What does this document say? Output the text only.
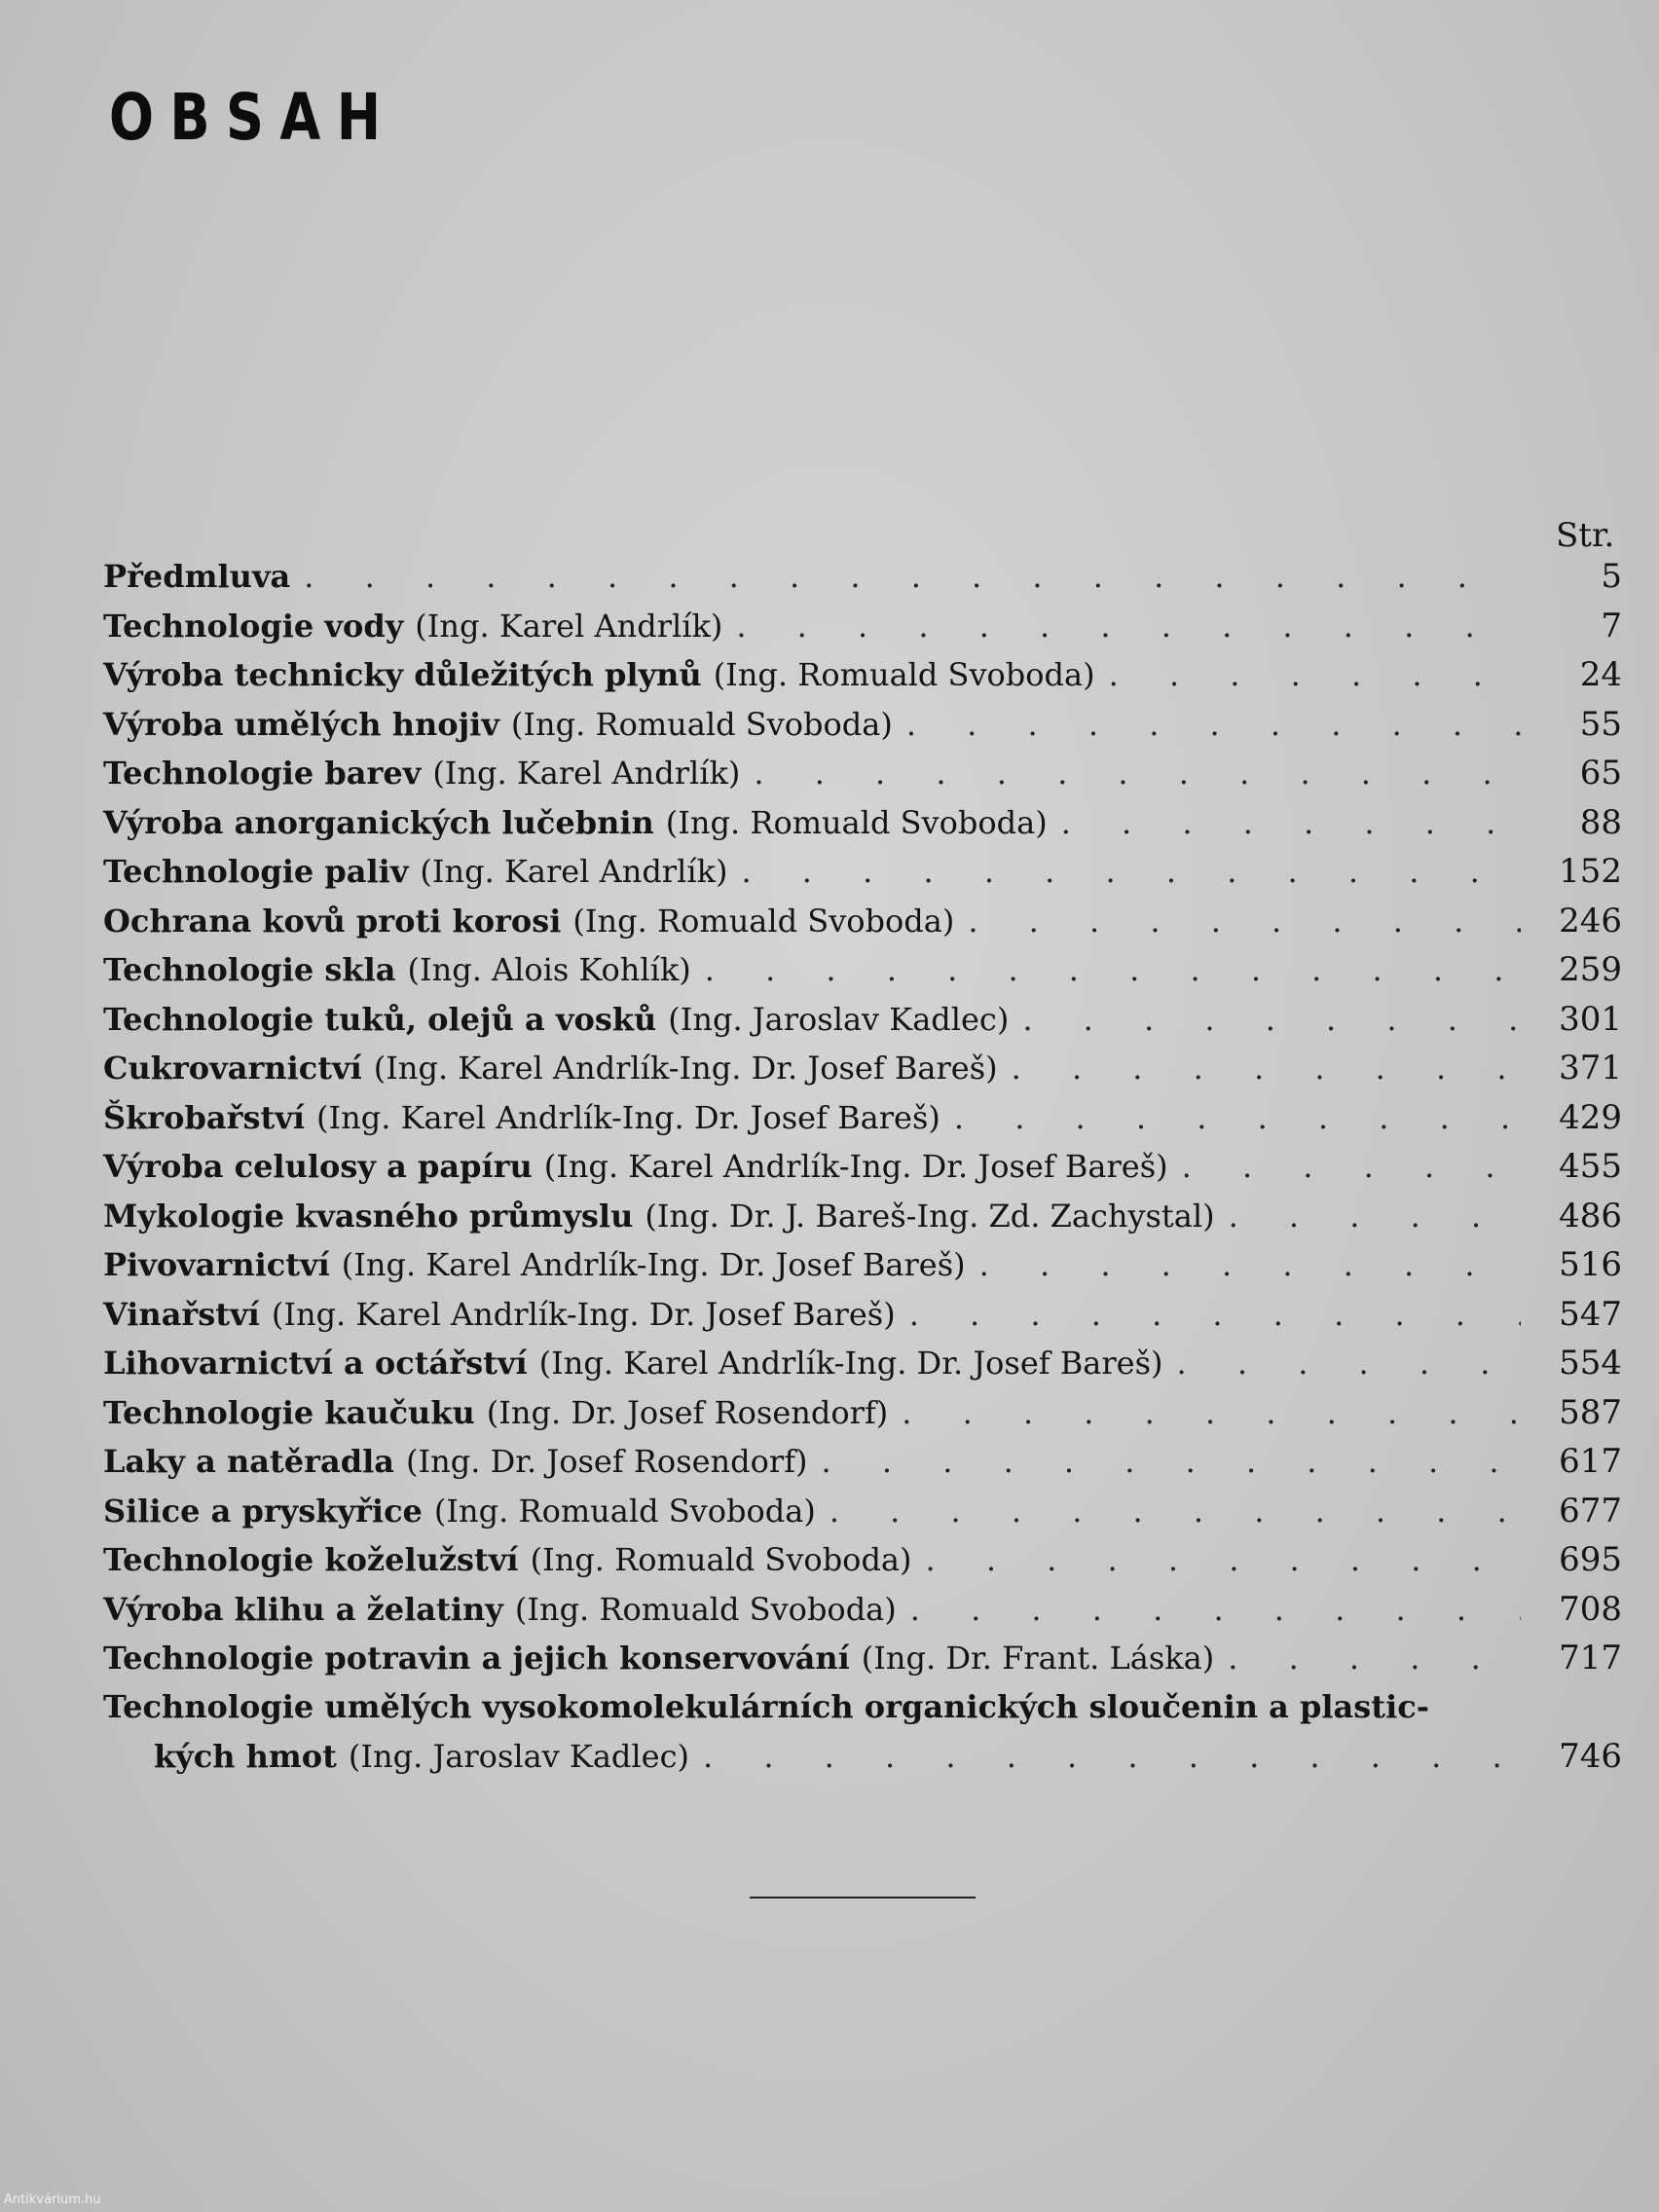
OBSAH
Str.
Předmluva . . .	5
Technologie vody (Ing. Karel Andrlík) . . .	7
Výroba technicky důležitých plynů (Ing. Romuald Svoboda) . . .	24
Výroba umělých hnojiv (Ing. Romuald Svoboda) . . .	55
Technologie barev (Ing. Karel Andrlík) . . .	65
Výroba anorganických lučebnin (Ing. Romuald Svoboda) . . .	88
Technologie paliv (Ing. Karel Andrlík) . . .	152
Ochrana kovů proti korosi (Ing. Romuald Svoboda) . . .	246
Technologie skla (Ing. Alois Kohlík) . . .	259
Technologie tuků, olejů a vosků (Ing. Jaroslav Kadlec) . . .	301
Cukrovarnictví (Ing. Karel Andrlík-Ing. Dr. Josef Bareš) . . .	371
Škrobařství (Ing. Karel Andrlík-Ing. Dr. Josef Bareš) . . .	429
Výroba celulosy a papíru (Ing. Karel Andrlík-Ing. Dr. Josef Bareš) . . .	455
Mykologie kvasného průmyslu (Ing. Dr. J. Bareš-Ing. Zd. Zachystal) . . .	486
Pivovarnictví (Ing. Karel Andrlík-Ing. Dr. Josef Bareš) . . .	516
Vinařství (Ing. Karel Andrlík-Ing. Dr. Josef Bareš) . . .	547
Lihovarnictví a octářství (Ing. Karel Andrlík-Ing. Dr. Josef Bareš) . . .	554
Technologie kaučuku (Ing. Dr. Josef Rosendorf) . . .	587
Laky a natěradla (Ing. Dr. Josef Rosendorf) . . .	617
Silice a pryskyřice (Ing. Romuald Svoboda) . . .	677
Technologie koželužství (Ing. Romuald Svoboda) . . .	695
Výroba klihu a želatiny (Ing. Romuald Svoboda) . . .	708
Technologie potravin a jejich konservování (Ing. Dr. Frant. Láska) . . .	717
Technologie umělých vysokomolekulárních organických sloučenin a plastic-
kých hmot (Ing. Jaroslav Kadlec) . . .	746
Antikvárium.hu
